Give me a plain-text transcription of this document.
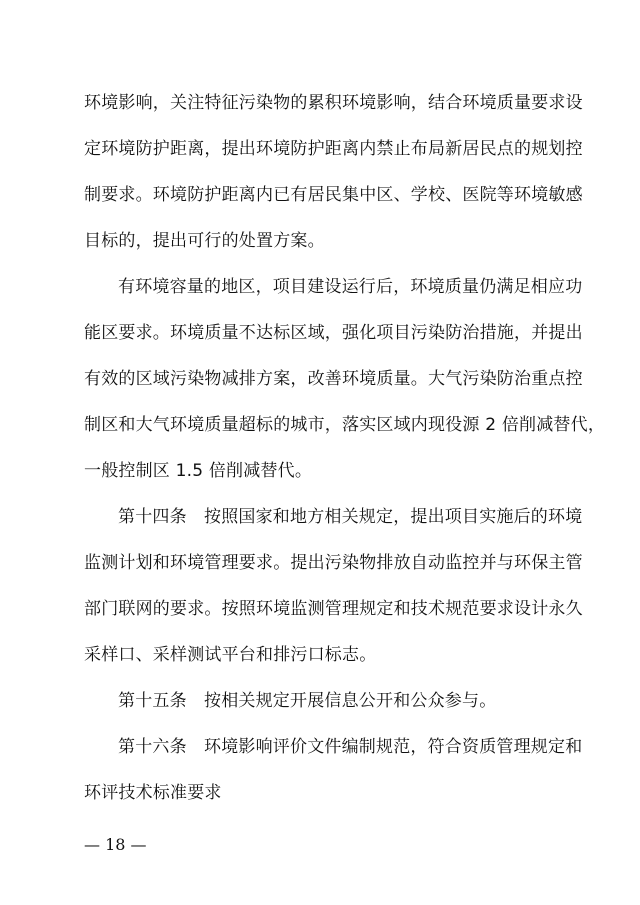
环境影响，关注特征污染物的累积环境影响，结合环境质量要求设
定环境防护距离，提出环境防护距离内禁止布局新居民点的规划控
制要求。环境防护距离内已有居民集中区、学校、医院等环境敏感
目标的，提出可行的处置方案。
有环境容量的地区，项目建设运行后，环境质量仍满足相应功
能区要求。环境质量不达标区域，强化项目污染防治措施，并提出
有效的区域污染物减排方案，改善环境质量。大气污染防治重点控
制区和大气环境质量超标的城市，落实区域内现役源 2 倍削减替代，
一般控制区 1.5 倍削减替代。
第十四条　按照国家和地方相关规定，提出项目实施后的环境
监测计划和环境管理要求。提出污染物排放自动监控并与环保主管
部门联网的要求。按照环境监测管理规定和技术规范要求设计永久
采样口、采样测试平台和排污口标志。
第十五条　按相关规定开展信息公开和公众参与。
第十六条　环境影响评价文件编制规范，符合资质管理规定和
环评技术标准要求
— 18 —
